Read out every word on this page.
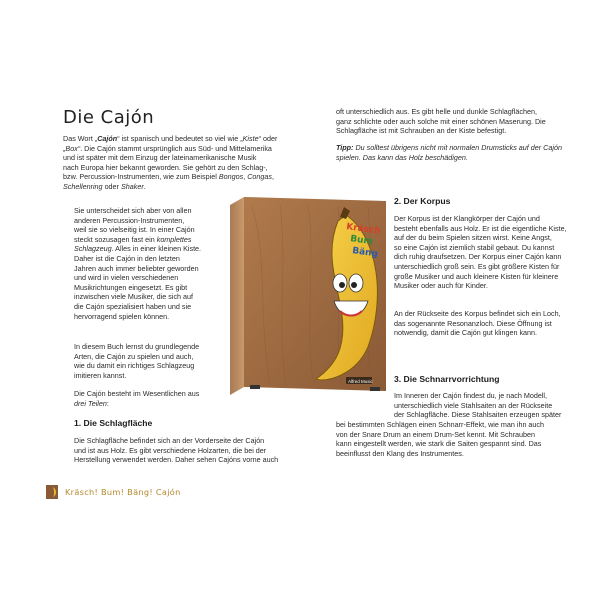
Die Cajón

Das Wort „Cajón“ ist spanisch und bedeutet so viel wie „Kiste“ oder

„Box“. Die Cajón stammt ursprünglich aus Süd- und Mittelamerika

und ist später mit dem Einzug der lateinamerikanische Musik

nach Europa hier bekannt geworden. Sie gehört zu den Schlag-,

bzw. Percussion-Instrumenten, wie zum Beispiel Bongos, Congas,

Schellenring oder Shaker.

Sie unterscheidet sich aber von allen

anderen Percussion-Instrumenten,

weil sie so vielseitig ist. In einer Cajón

steckt sozusagen fast ein komplettes

Schlagzeug. Alles in einer kleinen Kiste.

Daher ist die Cajón in den letzten

Jahren auch immer beliebter geworden

und wird in vielen verschiedenen

Musikrichtungen eingesetzt. Es gibt

inzwischen viele Musiker, die sich auf

die Cajón spezialisiert haben und sie

hervorragend spielen können.

In diesem Buch lernst du grundlegende

Arten, die Cajón zu spielen und auch,

wie du damit ein richtiges Schlagzeug

imitieren kannst.

Die Cajón besteht im Wesentlichen aus

drei Teilen:

1. Die Schlagfläche

Die Schlagfläche befindet sich an der Vorderseite der Cajón

und ist aus Holz. Es gibt verschiedene Holzarten, die bei der

Herstellung verwendet werden. Daher sehen Cajóns vorne auch

oft unterschiedlich aus. Es gibt helle und dunkle Schlagflächen,

ganz schlichte oder auch solche mit einer schönen Maserung. Die

Schlagfläche ist mit Schrauben an der Kiste befestigt.

Tipp: Du solltest übrigens nicht mit normalen Drumsticks auf der Cajón

spielen. Das kann das Holz beschädigen.

2. Der Korpus

Der Korpus ist der Klangkörper der Cajón und

besteht ebenfalls aus Holz. Er ist die eigentliche Kiste,

auf der du beim Spielen sitzen wirst. Keine Angst,

so eine Cajón ist ziemlich stabil gebaut. Du kannst

dich ruhig draufsetzen. Der Korpus einer Cajón kann

unterschiedlich groß sein. Es gibt größere Kisten für

große Musiker und auch kleinere Kisten für kleinere

Musiker oder auch für Kinder.

An der Rückseite des Korpus befindet sich ein Loch,

das sogenannte Resonanzloch. Diese Öffnung ist

notwendig, damit die Cajón gut klingen kann.

3. Die Schnarrvorrichtung

Im Inneren der Cajón findest du, je nach Modell,

unterschiedlich viele Stahlsaiten an der Rückseite

der Schlagfläche. Diese Stahlsaiten erzeugen später

bei bestimmten Schlägen einen Schnarr-Effekt, wie man ihn auch

von der Snare Drum an einem Drum-Set kennt. Mit Schrauben

kann eingestellt werden, wie stark die Saiten gespannt sind. Das

beeinflusst den Klang des Instrumentes.

Kräsch
Bum
Bäng
Alfred Music
Kräsch! Bum! Bäng! Cajón
